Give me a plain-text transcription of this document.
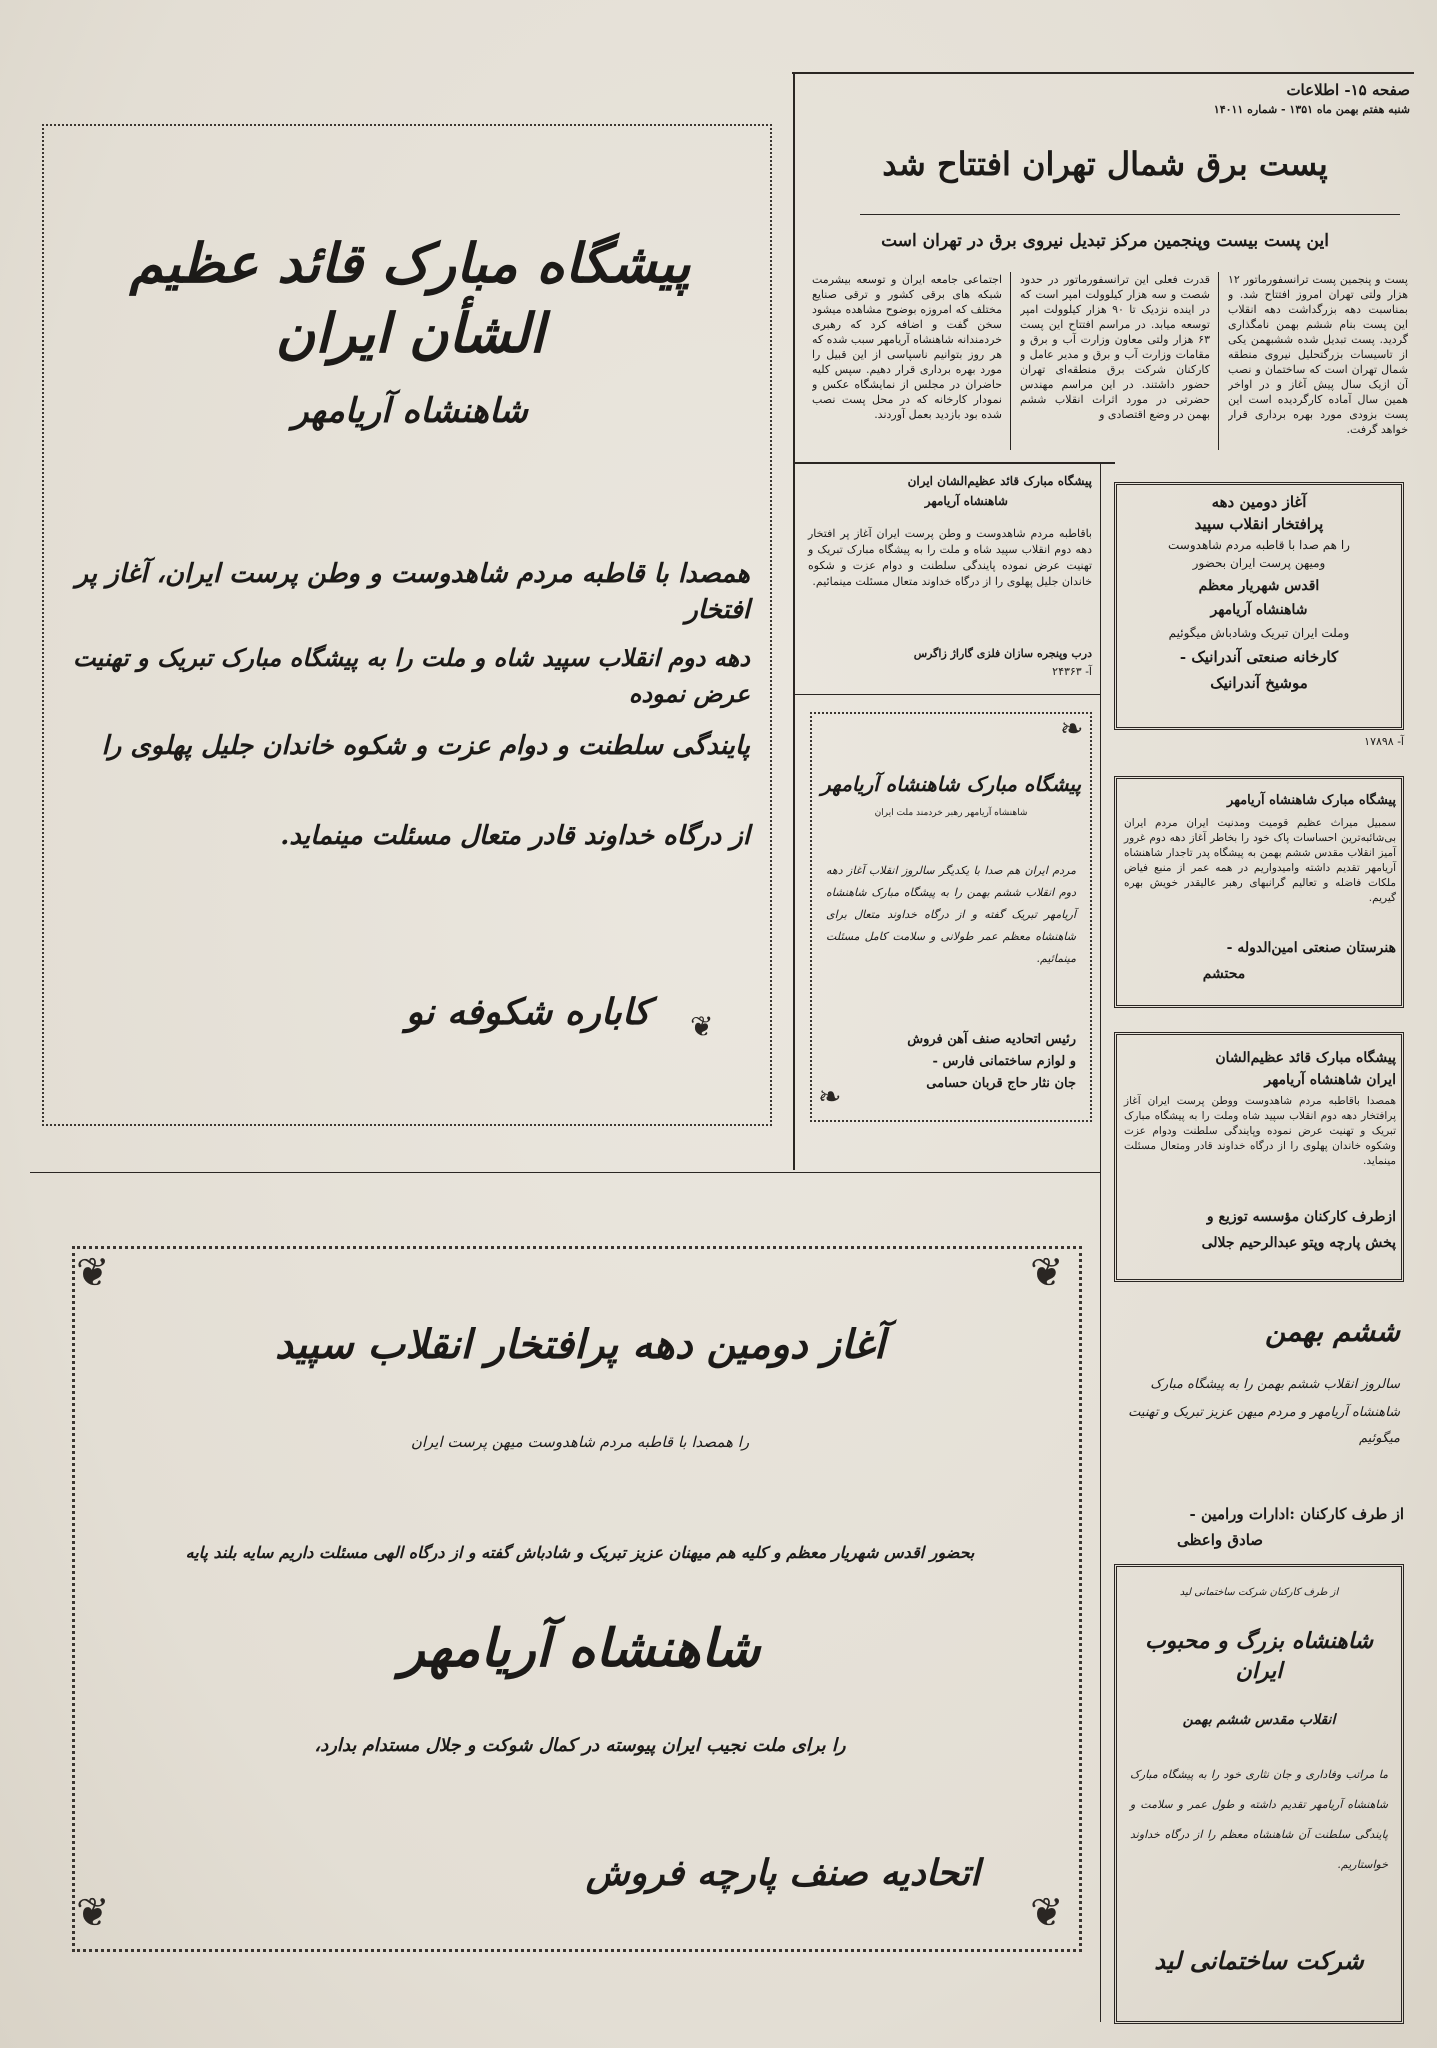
صفحه ۱۵- اطلاعات
شنبه هفتم بهمن ماه ۱۳۵۱ - شماره ۱۴۰۱۱
پست برق شمال تهران افتتاح شد
این پست بیست وپنجمین مرکز تبدیل نیروی برق در تهران است
پست و پنجمین پست ترانسفورماتور ۱۲ هزار ولتی تهران امروز افتتاح شد. و بمناسبت دهه بزرگداشت دهه انقلاب این پست بنام ششم بهمن نامگذاری گردید. پست تبدیل شده ششبهمن یکی از تاسیسات بزرگتحلیل نیروی منطقه شمال تهران است که ساختمان و نصب آن ازیک سال پیش آغاز و در اواخر همین سال آماده کارگردیده است این پست بزودی مورد بهره برداری قرار خواهد گرفت.
قدرت فعلی این ترانسفورماتور در حدود شصت و سه هزار کیلوولت امپر است که در اینده نزدیک تا ۹۰ هزار کیلوولت امپر توسعه میابد. در مراسم افتتاح این پست ۶۳ هزار ولتی معاون وزارت آب و برق و مقامات وزارت آب و برق و مدیر عامل و کارکنان شرکت برق منطقه‌ای تهران حضور داشتند. در این مراسم مهندس حضرتی در مورد اثرات انقلاب ششم بهمن در وضع اقتصادی و
اجتماعی جامعه ایران و توسعه بیشرمت شبکه های برقی کشور و ترقی صنایع مختلف که امروزه بوضوح مشاهده میشود سخن گفت و اضافه کرد که رهبری خردمندانه شاهنشاه آریامهر سبب شده که هر روز بتوانیم ناسپاسی از این قبیل را مورد بهره برداری قرار دهیم. سپس کلیه حاضران در مجلس از نمایشگاه عکس و نمودار کارخانه که در محل پست نصب شده بود بازدید بعمل آوردند.
پیشگاه مبارک قائد عظیم الشأن ایران
شاهنشاه آریامهر
همصدا با قاطبه مردم شاهدوست و وطن پرست ایران، آغاز پر افتخار
دهه دوم انقلاب سپید شاه و ملت را به پیشگاه مبارک تبریک و تهنیت عرض نموده
پایندگی سلطنت و دوام عزت و شکوه خاندان جلیل پهلوی را
از درگاه خداوند قادر متعال مسئلت مینماید.
کاباره شکوفه نو ❦
پیشگاه مبارک قائد عظیم‌الشان ایران
شاهنشاه آریامهر
باقاطبه مردم شاهدوست و وطن پرست ایران آغاز پر افتخار دهه دوم انقلاب سپید شاه و ملت را به پیشگاه مبارک تبریک و تهنیت عرض نموده پایندگی سلطنت و دوام عزت و شکوه خاندان جلیل پهلوی را از درگاه خداوند متعال مسئلت مینمائیم.
درب وپنجره سازان فلزی گاراژ زاگرس
آ- ۲۴۳۶۳
آغاز دومین دهه
پرافتخار انقلاب سپید
را هم صدا با قاطبه مردم شاهدوست
ومیهن پرست ایران بحضور
اقدس شهریار معظم
شاهنشاه آریامهر
وملت ایران تبریک وشادباش میگوئیم
کارخانه صنعتی آندرانیک -
موشیخ آندرانیک
آ- ۱۷۸۹۸
❧
❧
پیشگاه مبارک شاهنشاه آریامهر
شاهنشاه آریامهر رهبر خردمند ملت ایران
مردم ایران هم صدا با یکدیگر سالروز انقلاب آغاز دهه دوم انقلاب ششم بهمن را به پیشگاه مبارک شاهنشاه آریامهر تبریک گفته و از درگاه خداوند متعال برای شاهنشاه معظم عمر طولانی و سلامت کامل مسئلت مینمائیم.
رئیس اتحادیه صنف آهن فروش
و لوازم ساختمانی فارس -
جان نثار حاج قربان حسامی
پیشگاه مبارک شاهنشاه آریامهر
سمبیل میراث عظیم قومیت ومدنیت ایران مردم ایران بی‌شائبه‌ترین احساسات پاک خود را بخاطر آغاز دهه دوم غرور آمیز انقلاب مقدس ششم بهمن به پیشگاه پدر تاجدار شاهنشاه آریامهر تقدیم داشته وامیدواریم در همه عمر از منبع فیاض ملکات فاضله و تعالیم گرانبهای رهبر عالیقدر خویش بهره گیریم.
هنرستان صنعتی امین‌الدوله -
محتشم
پیشگاه مبارک قائد عظیم‌الشان
ایران شاهنشاه آریامهر
همصدا باقاطبه مردم شاهدوست ووطن پرست ایران آغاز پرافتخار دهه دوم انقلاب سپید شاه وملت را به پیشگاه مبارک تبریک و تهنیت عرض نموده وپایندگی سلطنت ودوام عزت وشکوه خاندان پهلوی را از درگاه خداوند قادر ومتعال مسئلت مینماید.
ازطرف کارکنان مؤسسه توزیع و
پخش پارچه وپتو عبدالرحیم جلالی
ششم بهمن
سالروز انقلاب ششم بهمن را به پیشگاه مبارک
شاهنشاه آریامهر و مردم میهن عزیز تبریک و تهنیت میگوئیم
از طرف کارکنان :ادارات ورامین -
صادق واعظی
❦	❦
❦	❦
آغاز دومین دهه پرافتخار انقلاب سپید
را همصدا با قاطبه مردم شاهدوست میهن پرست ایران
بحضور اقدس شهریار معظم و کلیه هم میهنان عزیز تبریک و شادباش گفته و از درگاه الهی مسئلت داریم سایه بلند پایه
شاهنشاه آریامهر
را برای ملت نجیب ایران پیوسته در کمال شوکت و جلال مستدام بدارد،
اتحادیه صنف پارچه فروش
از طرف کارکنان شرکت ساختمانی لید
شاهنشاه بزرگ و محبوب ایران
انقلاب مقدس ششم بهمن
ما مراتب وفاداری و جان نثاری خود را به پیشگاه مبارک شاهنشاه آریامهر تقدیم داشته و طول عمر و سلامت و پایندگی سلطنت آن شاهنشاه معظم را از درگاه خداوند خواستاریم.
شرکت ساختمانی لید
